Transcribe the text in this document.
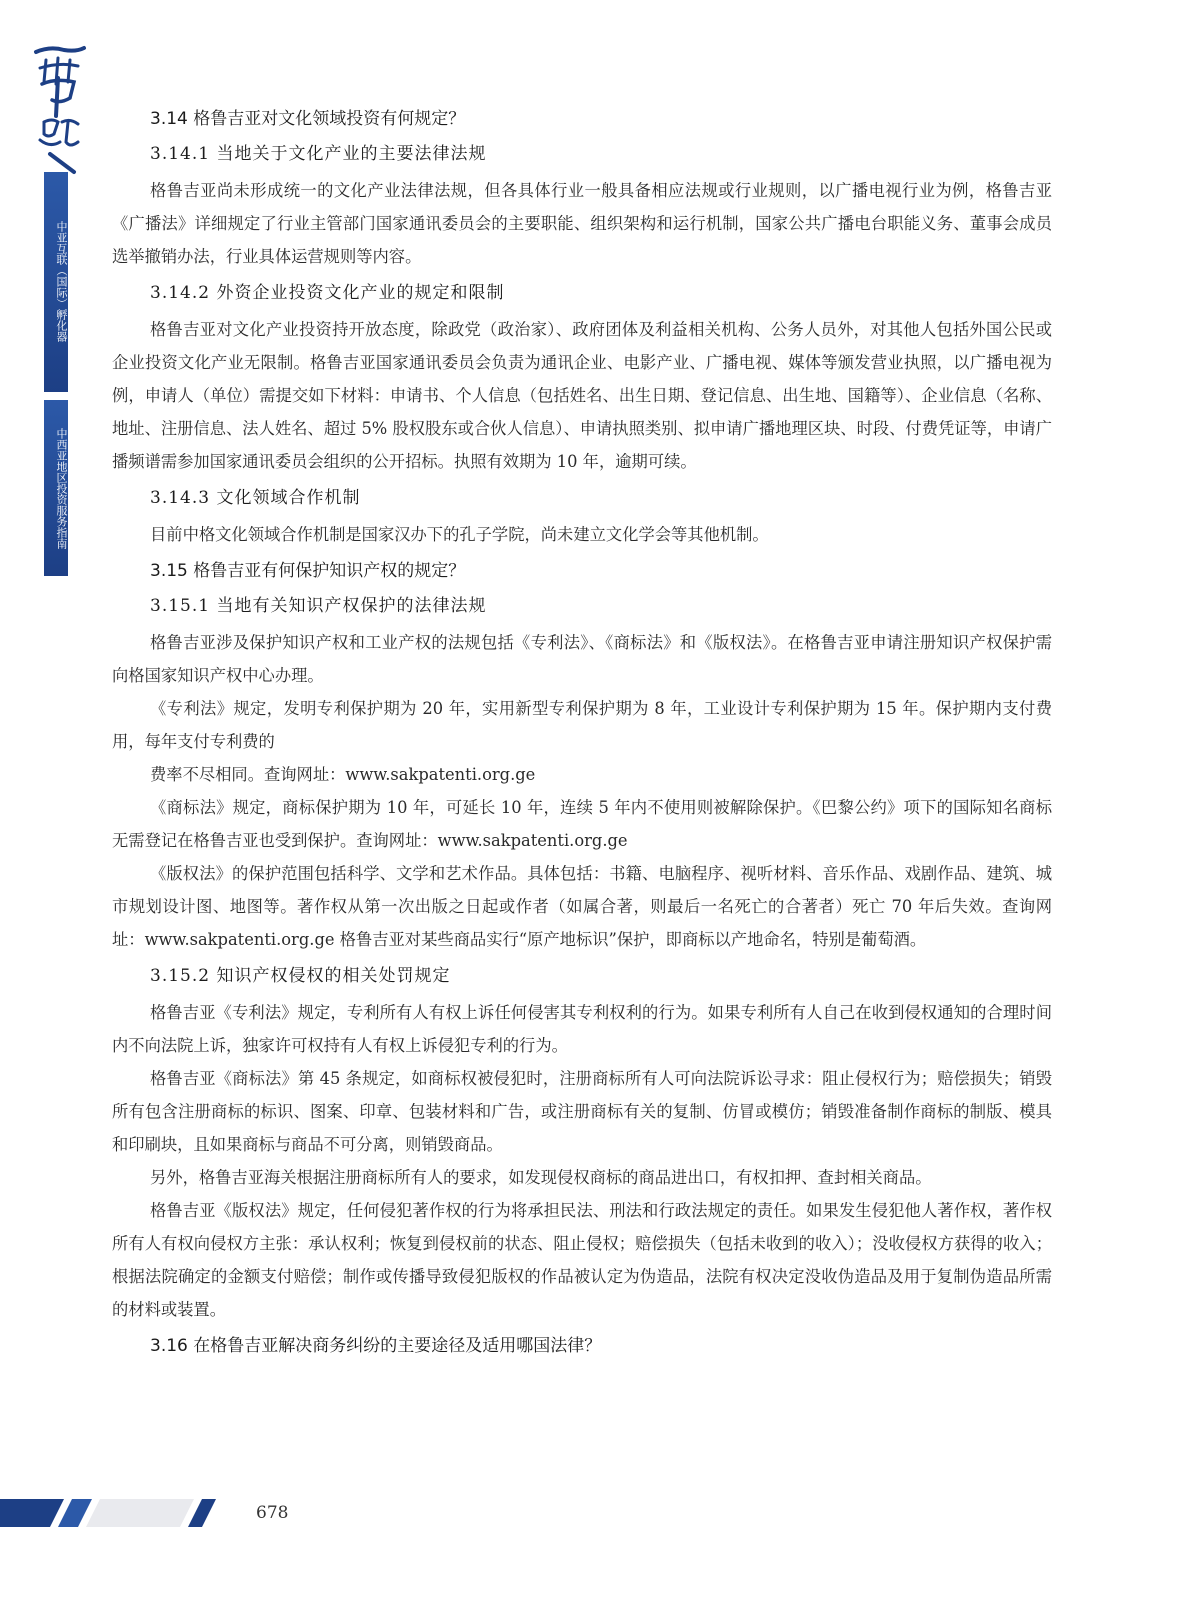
一带一路
中亚互联（国际）孵化器
中西亚地区投资服务指南
3.14 格鲁吉亚对文化领域投资有何规定？
3.14.1 当地关于文化产业的主要法律法规

格鲁吉亚尚未形成统一的文化产业法律法规，但各具体行业一般具备相应法规或行业规则，以广播电视行业为例，格鲁吉亚《广播法》详细规定了行业主管部门国家通讯委员会的主要职能、组织架构和运行机制，国家公共广播电台职能义务、董事会成员选举撤销办法，行业具体运营规则等内容。

3.14.2 外资企业投资文化产业的规定和限制

格鲁吉亚对文化产业投资持开放态度，除政党（政治家）、政府团体及利益相关机构、公务人员外，对其他人包括外国公民或企业投资文化产业无限制。格鲁吉亚国家通讯委员会负责为通讯企业、电影产业、广播电视、媒体等颁发营业执照，以广播电视为例，申请人（单位）需提交如下材料：申请书、个人信息（包括姓名、出生日期、登记信息、出生地、国籍等）、企业信息（名称、地址、注册信息、法人姓名、超过 5% 股权股东或合伙人信息）、申请执照类别、拟申请广播地理区块、时段、付费凭证等，申请广播频谱需参加国家通讯委员会组织的公开招标。执照有效期为 10 年，逾期可续。

3.14.3 文化领域合作机制

目前中格文化领域合作机制是国家汉办下的孔子学院，尚未建立文化学会等其他机制。

3.15 格鲁吉亚有何保护知识产权的规定？
3.15.1 当地有关知识产权保护的法律法规

格鲁吉亚涉及保护知识产权和工业产权的法规包括《专利法》、《商标法》和《版权法》。在格鲁吉亚申请注册知识产权保护需向格国家知识产权中心办理。

《专利法》规定，发明专利保护期为 20 年，实用新型专利保护期为 8 年，工业设计专利保护期为 15 年。保护期内支付费用，每年支付专利费的

费率不尽相同。查询网址：www.sakpatenti.org.ge

《商标法》规定，商标保护期为 10 年，可延长 10 年，连续 5 年内不使用则被解除保护。《巴黎公约》项下的国际知名商标无需登记在格鲁吉亚也受到保护。查询网址：www.sakpatenti.org.ge

《版权法》的保护范围包括科学、文学和艺术作品。具体包括：书籍、电脑程序、视听材料、音乐作品、戏剧作品、建筑、城市规划设计图、地图等。著作权从第一次出版之日起或作者（如属合著，则最后一名死亡的合著者）死亡 70 年后失效。查询网址：www.sakpatenti.org.ge 格鲁吉亚对某些商品实行“原产地标识”保护，即商标以产地命名，特别是葡萄酒。

3.15.2 知识产权侵权的相关处罚规定

格鲁吉亚《专利法》规定，专利所有人有权上诉任何侵害其专利权利的行为。如果专利所有人自己在收到侵权通知的合理时间内不向法院上诉，独家许可权持有人有权上诉侵犯专利的行为。

格鲁吉亚《商标法》第 45 条规定，如商标权被侵犯时，注册商标所有人可向法院诉讼寻求：阻止侵权行为；赔偿损失；销毁所有包含注册商标的标识、图案、印章、包装材料和广告，或注册商标有关的复制、仿冒或模仿；销毁准备制作商标的制版、模具和印刷块，且如果商标与商品不可分离，则销毁商品。

另外，格鲁吉亚海关根据注册商标所有人的要求，如发现侵权商标的商品进出口，有权扣押、查封相关商品。

格鲁吉亚《版权法》规定，任何侵犯著作权的行为将承担民法、刑法和行政法规定的责任。如果发生侵犯他人著作权，著作权所有人有权向侵权方主张：承认权利；恢复到侵权前的状态、阻止侵权；赔偿损失（包括未收到的收入）；没收侵权方获得的收入；根据法院确定的金额支付赔偿；制作或传播导致侵犯版权的作品被认定为伪造品，法院有权决定没收伪造品及用于复制伪造品所需的材料或装置。

3.16 在格鲁吉亚解决商务纠纷的主要途径及适用哪国法律？
678
